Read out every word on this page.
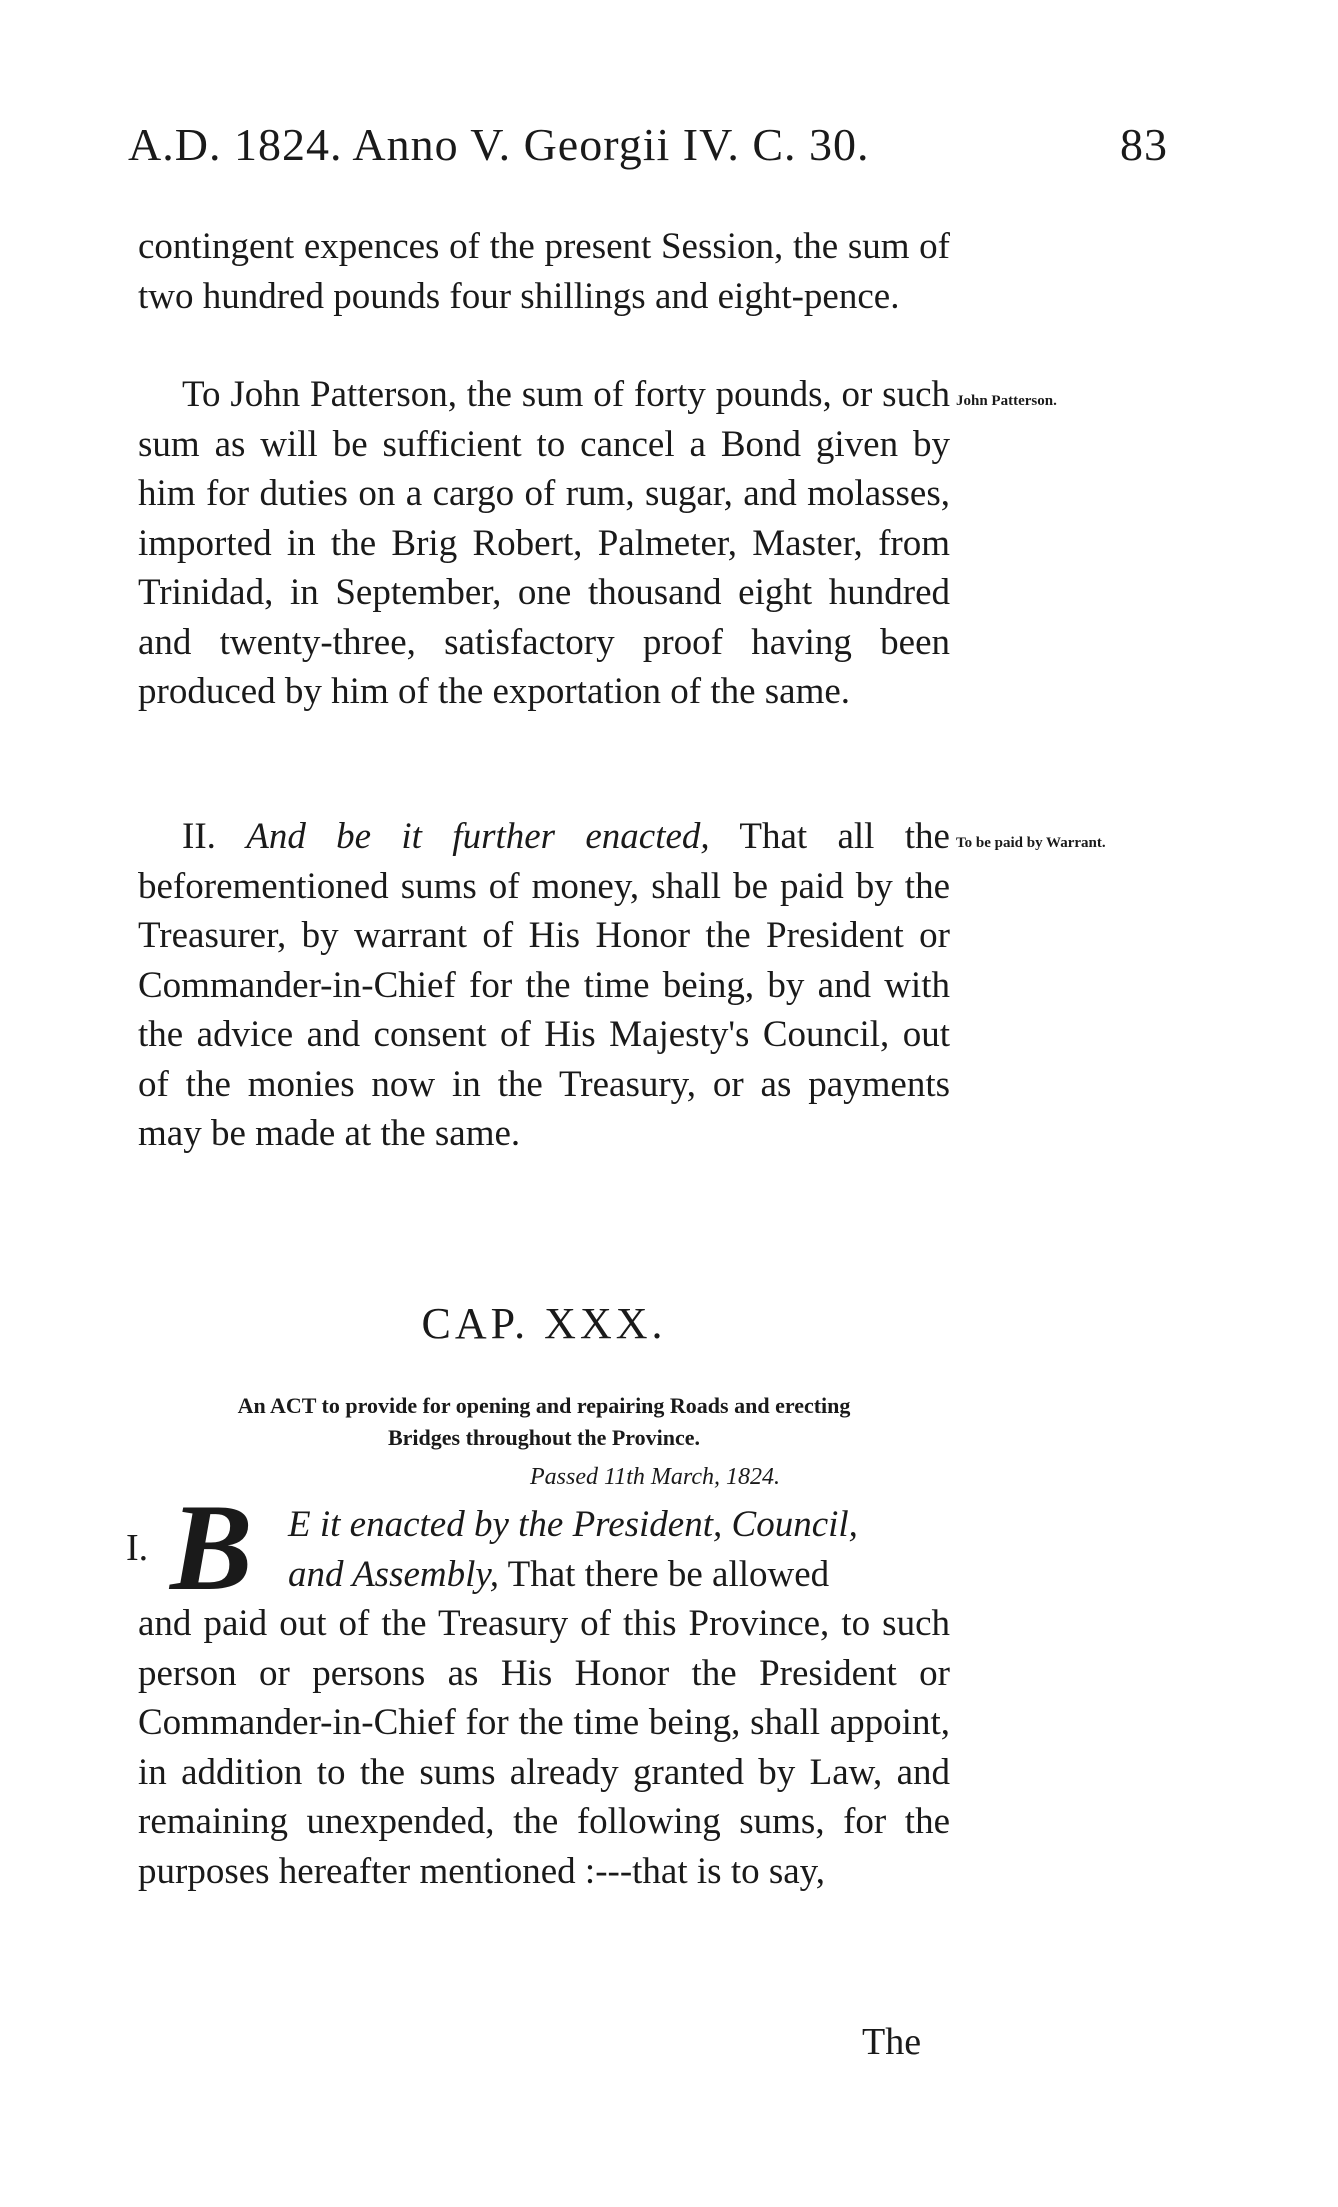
A.D. 1824. Anno V. Georgii IV. C. 30.	83

contingent expences of the present Session, the sum of two hundred pounds four shillings and eight-pence.

To John Patterson, the sum of forty pounds, or such sum as will be sufficient to cancel a Bond given by him for duties on a cargo of rum, sugar, and molasses, imported in the Brig Robert, Palmeter, Master, from Trinidad, in September, one thousand eight hundred and twenty-three, satisfactory proof having been produced by him of the exportation of the same.

John Patterson.

II. And be it further enacted, That all the beforementioned sums of money, shall be paid by the Treasurer, by warrant of His Honor the President or Commander-in-Chief for the time being, by and with the advice and consent of His Majesty's Council, out of the monies now in the Treasury, or as payments may be made at the same.

To be paid by Warrant.
CAP. XXX.
An ACT to provide for opening and repairing Roads and erecting
Bridges throughout the Province.
Passed 11th March, 1824.
I. B E it enacted by the President, Council,
and Assembly, That there be allowed

and paid out of the Treasury of this Province, to such person or persons as His Honor the President or Commander-in-Chief for the time being, shall appoint, in addition to the sums already granted by Law, and remaining unexpended, the following sums, for the purposes hereafter mentioned :---that is to say,

The
